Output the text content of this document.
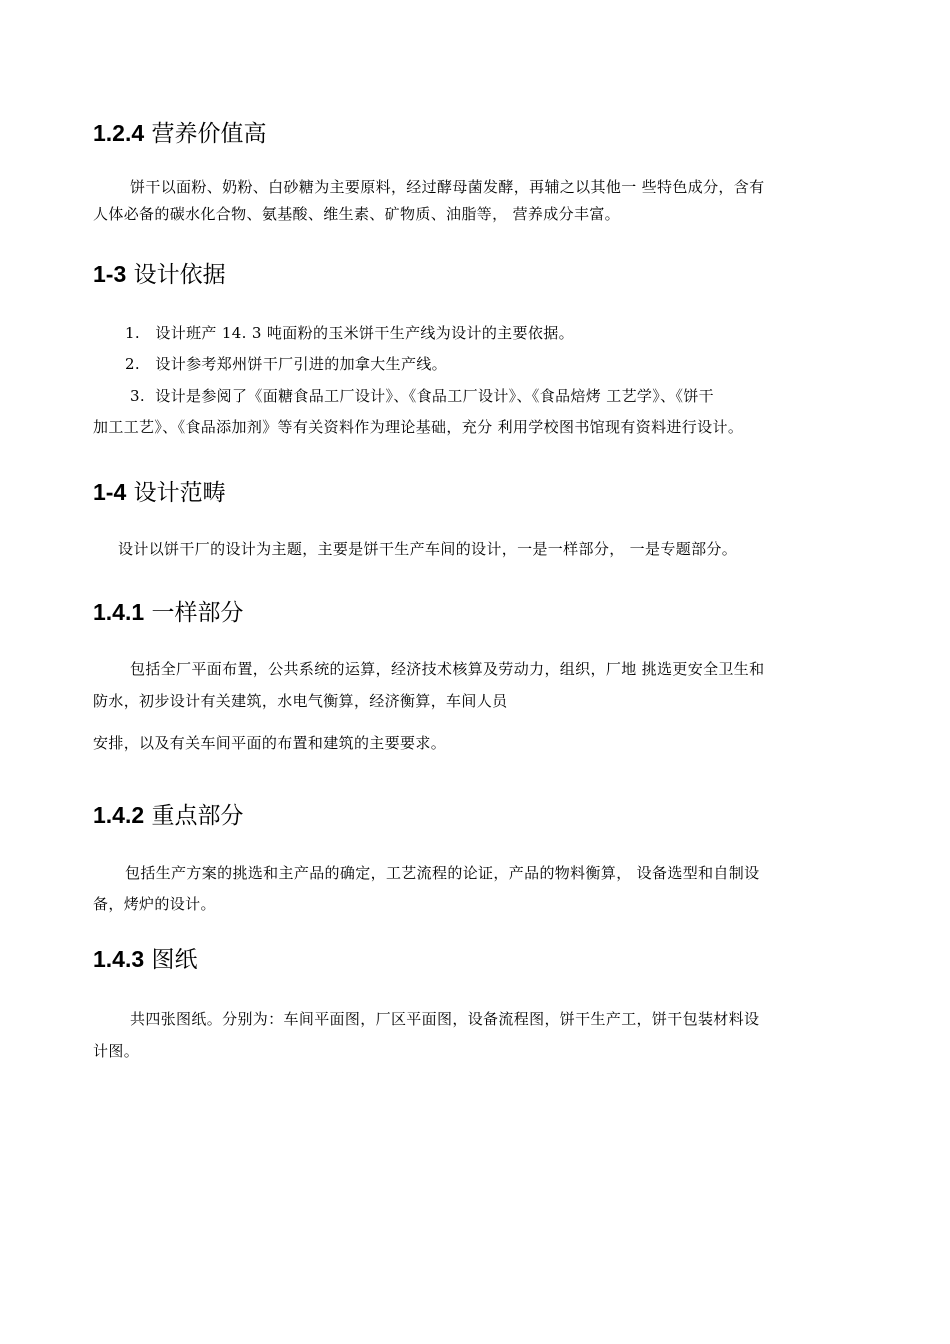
1.2.4 营养价值高

饼干以面粉、奶粉、白砂糖为主要原料，经过酵母菌发酵，再辅之以其他一 些特色成分，含有

人体必备的碳水化合物、氨基酸、维生素、矿物质、油脂等， 营养成分丰富。

1-3 设计依据

1. 设计班产 14. 3 吨面粉的玉米饼干生产线为设计的主要依据。

2. 设计参考郑州饼干厂引进的加拿大生产线。

3. 设计是参阅了《面糖食品工厂设计》、《食品工厂设计》、《食品焙烤 工艺学》、《饼干

加工工艺》、《食品添加剂》等有关资料作为理论基础，充分 利用学校图书馆现有资料进行设计。

1-4 设计范畴

设计以饼干厂的设计为主题，主要是饼干生产车间的设计，一是一样部分， 一是专题部分。

1.4.1 一样部分

包括全厂平面布置，公共系统的运算，经济技术核算及劳动力，组织，厂地 挑选更安全卫生和

防水，初步设计有关建筑，水电气衡算，经济衡算，车间人员

安排，以及有关车间平面的布置和建筑的主要要求。

1.4.2 重点部分

包括生产方案的挑选和主产品的确定，工艺流程的论证，产品的物料衡算， 设备选型和自制设

备，烤炉的设计。

1.4.3 图纸

共四张图纸。分别为：车间平面图，厂区平面图，设备流程图，饼干生产工，饼干包装材料设

计图。
